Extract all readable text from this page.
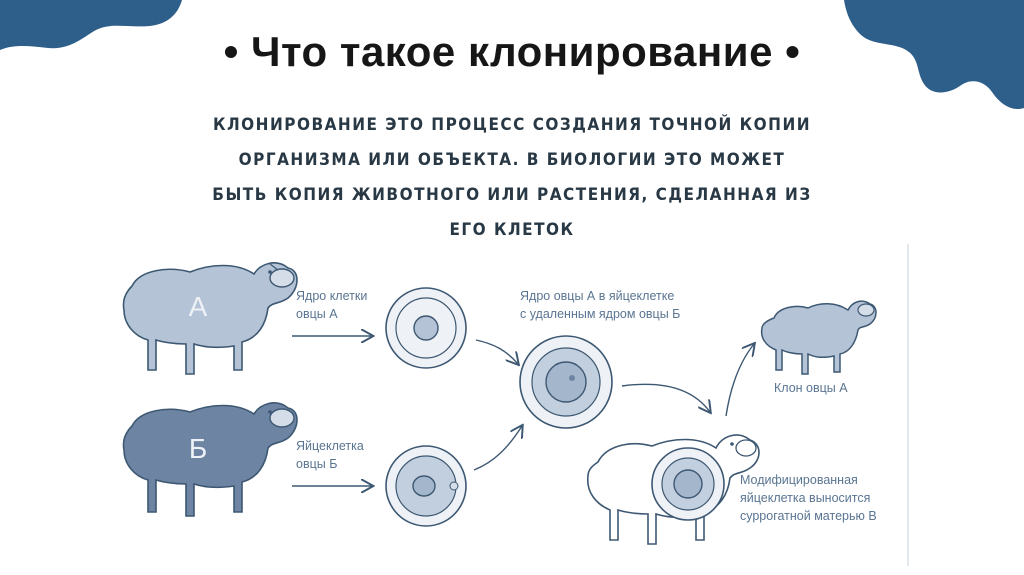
• Что такое клонирование •
КЛОНИРОВАНИЕ ЭТО ПРОЦЕСС СОЗДАНИЯ ТОЧНОЙ КОПИИ ОРГАНИЗМА ИЛИ ОБЪЕКТА. В БИОЛОГИИ ЭТО МОЖЕТ БЫТЬ КОПИЯ ЖИВОТНОГО ИЛИ РАСТЕНИЯ, СДЕЛАННАЯ ИЗ ЕГО КЛЕТОК
А
Б
Ядро клетки
овцы А
Яйцеклетка
овцы Б
Ядро овцы А в яйцеклетке
с удаленным ядром овцы Б
Модифицированная
яйцеклетка выносится
суррогатной матерью В
Клон овцы А
